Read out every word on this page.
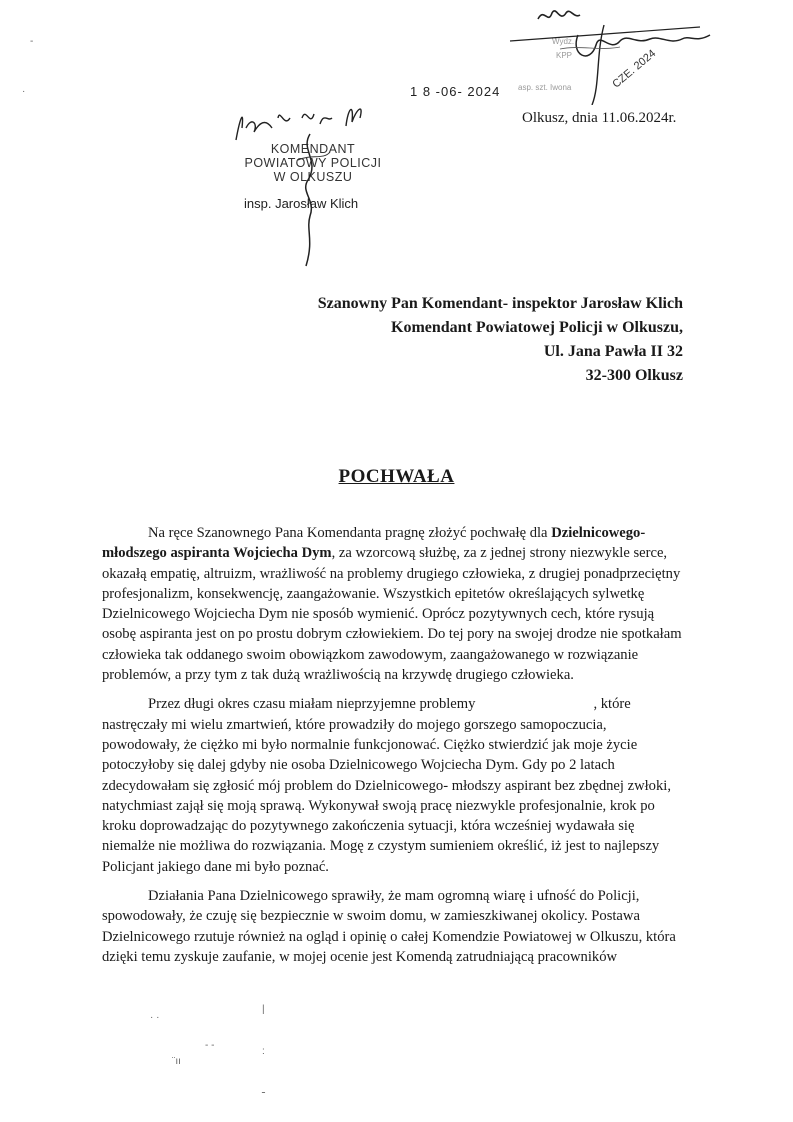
-
·
Wydz.
KPP
asp. szt. Iwona	CZE. 2024
1 8 -06- 2024
Olkusz, dnia 11.06.2024r.
KOMENDANT
POWIATOWY POLICJI
W OLKUSZU
insp. Jarosław Klich
Szanowny Pan Komendant- inspektor Jarosław Klich
Komendant Powiatowej Policji w Olkuszu,
Ul. Jana Pawła II 32
32-300 Olkusz
POCHWAŁA

Na ręce Szanownego Pana Komendanta pragnę złożyć pochwałę dla Dzielnicowego- młodszego aspiranta Wojciecha Dym, za wzorcową służbę, za z jednej strony niezwykle serce, okazałą empatię, altruizm, wrażliwość na problemy drugiego człowieka, z drugiej ponadprzeciętny profesjonalizm, konsekwencję, zaangażowanie. Wszystkich epitetów określających sylwetkę Dzielnicowego Wojciecha Dym nie sposób wymienić. Oprócz pozytywnych cech, które rysują osobę aspiranta jest on po prostu dobrym człowiekiem. Do tej pory na swojej drodze nie spotkałam człowieka tak oddanego swoim obowiązkom zawodowym, zaangażowanego w rozwiązanie problemów, a przy tym z tak dużą wrażliwością na krzywdę drugiego człowieka.

Przez długi okres czasu miałam nieprzyjemne problemy	, które nastręczały mi wielu zmartwień, które prowadziły do mojego gorszego samopoczucia, powodowały, że ciężko mi było normalnie funkcjonować. Ciężko stwierdzić jak moje życie potoczyłoby się dalej gdyby nie osoba Dzielnicowego Wojciecha Dym. Gdy po 2 latach zdecydowałam się zgłosić mój problem do Dzielnicowego- młodszy aspirant bez zbędnej zwłoki, natychmiast zajął się moją sprawą. Wykonywał swoją pracę niezwykle profesjonalnie, krok po kroku doprowadzając do pozytywnego zakończenia sytuacji, która wcześniej wydawała się niemalże nie możliwa do rozwiązania. Mogę z czystym sumieniem określić, iż jest to najlepszy Policjant jakiego dane mi było poznać.

Działania Pana Dzielnicowego sprawiły, że mam ogromną wiarę i ufność do Policji, spowodowały, że czuję się bezpiecznie w swoim domu, w zamieszkiwanej okolicy. Postawa Dzielnicowego rzutuje również na ogląd i opinię o całej Komendzie Powiatowej w Olkuszu, która dzięki temu zyskuje zaufanie, w mojej ocenie jest Komendą zatrudniającą pracowników

· ·
|
- -
:
¨ıı
ـ
